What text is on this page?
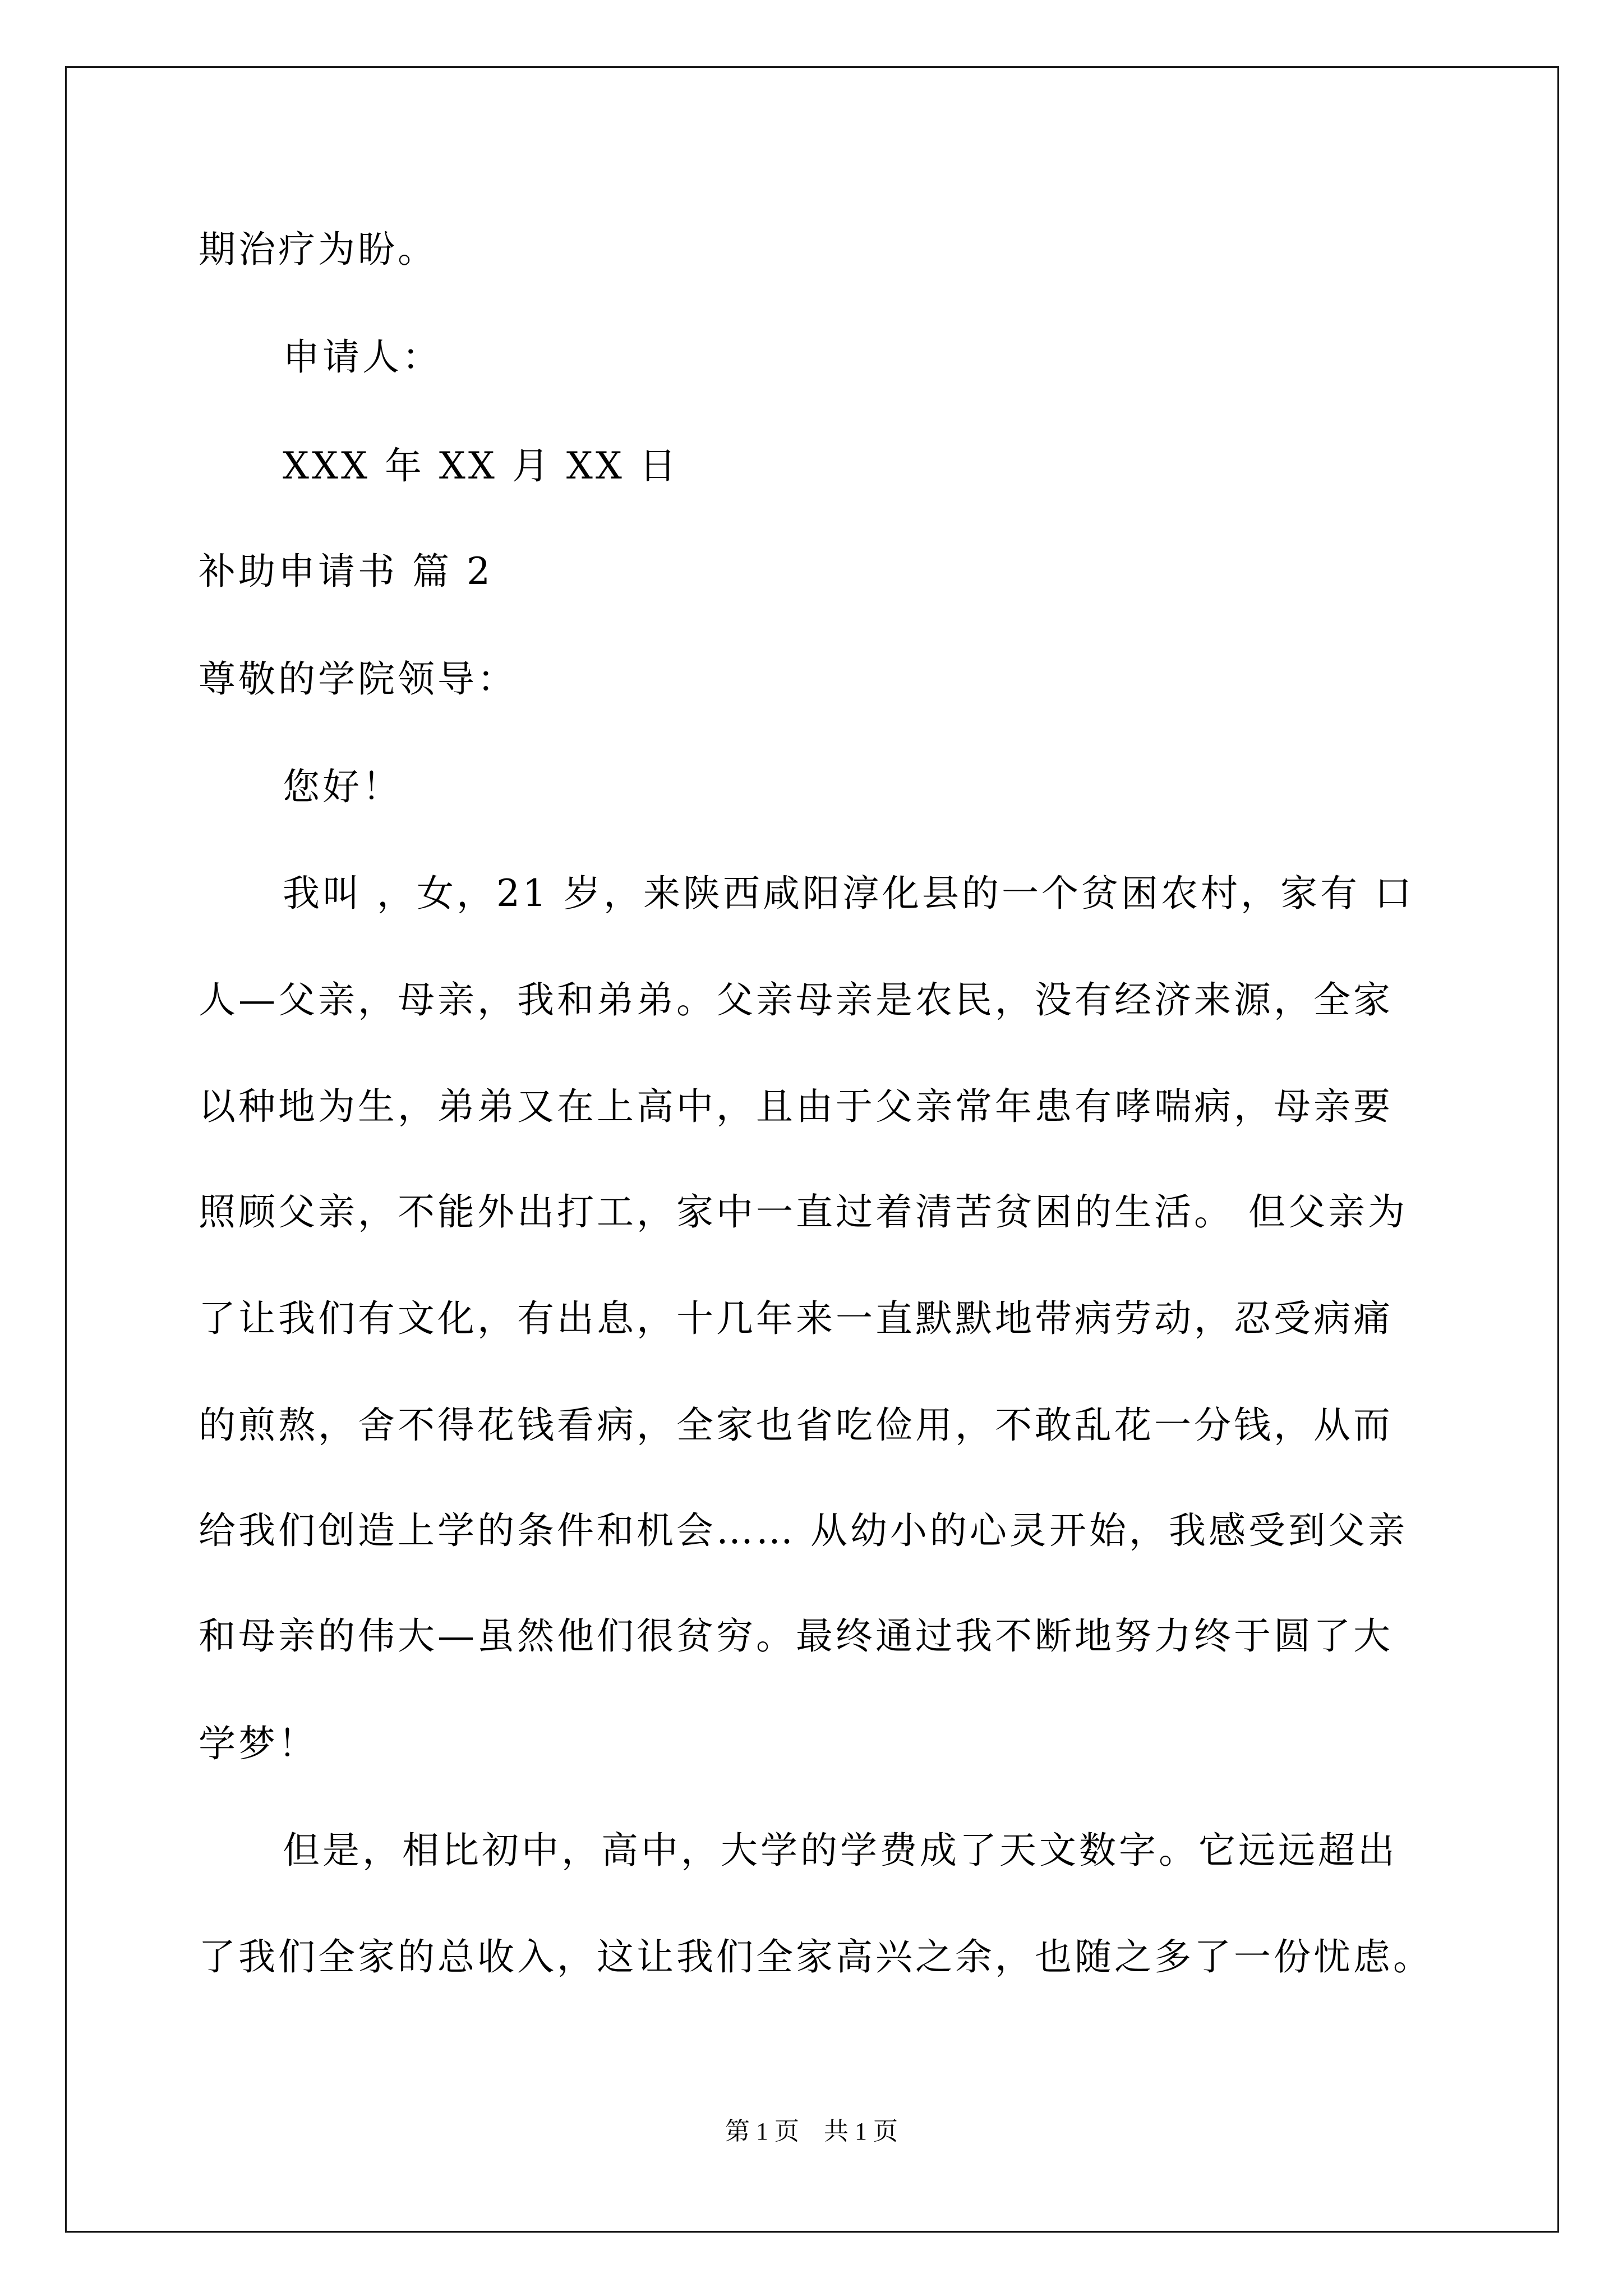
期治疗为盼。
申请人：
XXX 年 XX 月 XX 日
补助申请书 篇 2
尊敬的学院领导：
您好！
我叫 ，女，21 岁，来陕西咸阳淳化县的一个贫困农村，家有 口
人—父亲，母亲，我和弟弟。父亲母亲是农民，没有经济来源，全家
以种地为生，弟弟又在上高中，且由于父亲常年患有哮喘病，母亲要
照顾父亲，不能外出打工，家中一直过着清苦贫困的生活。 但父亲为
了让我们有文化，有出息，十几年来一直默默地带病劳动，忍受病痛
的煎熬，舍不得花钱看病，全家也省吃俭用，不敢乱花一分钱，从而
给我们创造上学的条件和机会…… 从幼小的心灵开始，我感受到父亲
和母亲的伟大—虽然他们很贫穷。最终通过我不断地努力终于圆了大
学梦！
但是，相比初中，高中，大学的学费成了天文数字。它远远超出
了我们全家的总收入，这让我们全家高兴之余，也随之多了一份忧虑。
第 1 页　共 1 页
